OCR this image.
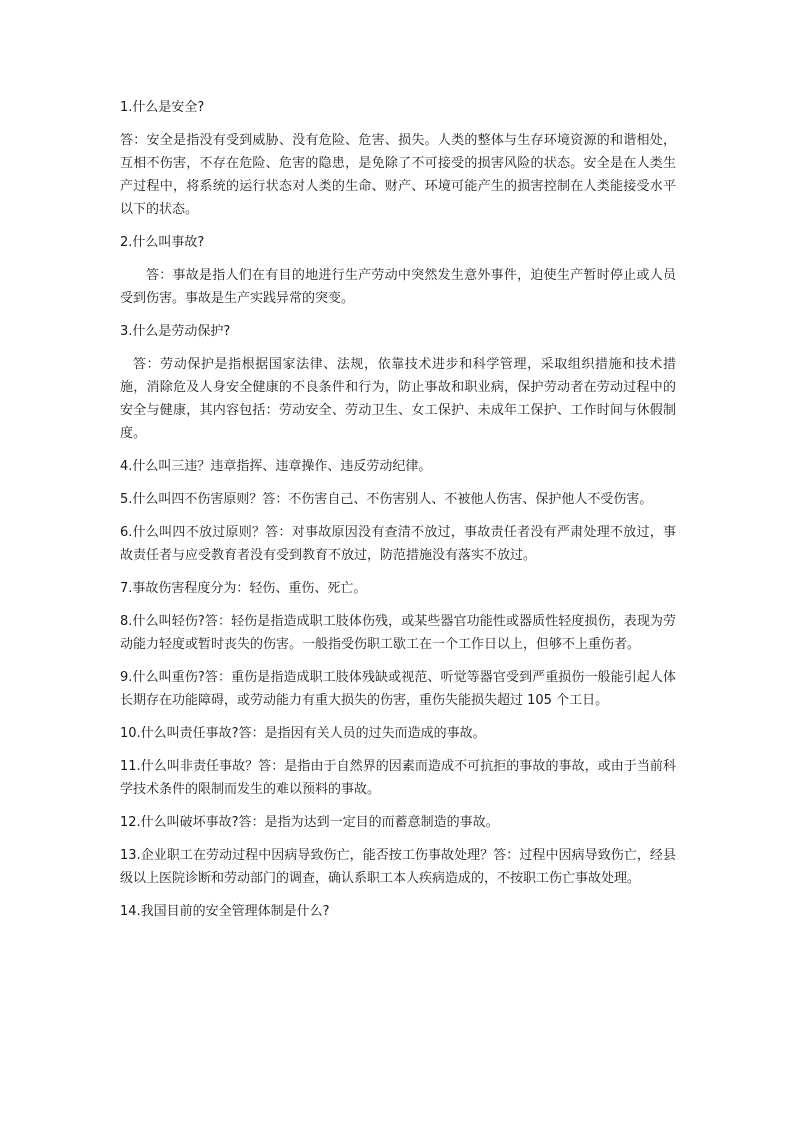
1.什么是安全?

答：安全是指没有受到威胁、没有危险、危害、损失。人类的整体与生存环境资源的和谐相处，互相不伤害，不存在危险、危害的隐患，是免除了不可接受的损害风险的状态。安全是在人类生产过程中，将系统的运行状态对人类的生命、财产、环境可能产生的损害控制在人类能接受水平以下的状态。

2.什么叫事故?

答：事故是指人们在有目的地进行生产劳动中突然发生意外事件，迫使生产暂时停止或人员受到伤害。事故是生产实践异常的突变。

3.什么是劳动保护?

答：劳动保护是指根据国家法律、法规，依靠技术进步和科学管理，采取组织措施和技术措施，消除危及人身安全健康的不良条件和行为，防止事故和职业病，保护劳动者在劳动过程中的安全与健康，其内容包括：劳动安全、劳动卫生、女工保护、未成年工保护、工作时间与休假制度。

4.什么叫三违？违章指挥、违章操作、违反劳动纪律。

5.什么叫四不伤害原则？答：不伤害自己、不伤害别人、不被他人伤害、保护他人不受伤害。

6.什么叫四不放过原则？答：对事故原因没有查清不放过，事故责任者没有严肃处理不放过，事故责任者与应受教育者没有受到教育不放过，防范措施没有落实不放过。

7.事故伤害程度分为：轻伤、重伤、死亡。

8.什么叫轻伤?答：轻伤是指造成职工肢体伤残，或某些器官功能性或器质性轻度损伤，表现为劳动能力轻度或暂时丧失的伤害。一般指受伤职工歇工在一个工作日以上，但够不上重伤者。

9.什么叫重伤?答：重伤是指造成职工肢体残缺或视范、听觉等器官受到严重损伤一般能引起人体长期存在功能障碍，或劳动能力有重大损失的伤害，重伤失能损失超过 105 个工日。

10.什么叫责任事故?答：是指因有关人员的过失而造成的事故。

11.什么叫非责任事故？答：是指由于自然界的因素而造成不可抗拒的事故的事故，或由于当前科学技术条件的限制而发生的难以预料的事故。

12.什么叫破坏事故?答：是指为达到一定目的而蓄意制造的事故。

13.企业职工在劳动过程中因病导致伤亡，能否按工伤事故处理？答：过程中因病导致伤亡，经县级以上医院诊断和劳动部门的调查，确认系职工本人疾病造成的，不按职工伤亡事故处理。

14.我国目前的安全管理体制是什么?
